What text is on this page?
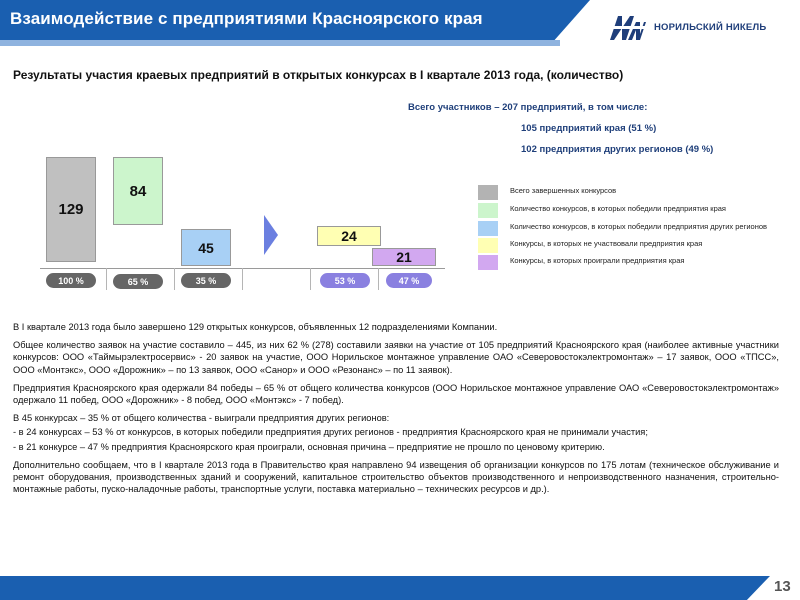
Взаимодействие с предприятиями Красноярского края	НОРИЛЬСКИЙ НИКЕЛЬ
Результаты участия краевых предприятий в открытых конкурсах в I квартале 2013 года, (количество)
Всего участников – 207 предприятий, в том числе:
105 предприятий края (51 %)
102 предприятия других регионов (49 %)
129
100 %
84
65 %
45
35 %
24
53 %
21
47 %
Всего завершенных конкурсов
Количество конкурсов, в которых победили предприятия края
Количество конкурсов, в которых победили предприятия других регионов
Конкурсы, в которых не участвовали предприятия края
Конкурсы, в которых проиграли предприятия края

В I квартале 2013 года было завершено 129 открытых конкурсов, объявленных 12 подразделениями Компании.

Общее количество заявок на участие составило – 445, из них 62 % (278) составили заявки на участие от 105 предприятий Красноярского края (наиболее активные участники конкурсов: ООО «Таймырэлектросервис» - 20 заявок на участие, ООО Норильское монтажное управление ОАО «Северовостокэлектромонтаж» – 17 заявок, ООО «ТПСС», ООО «Монтэкс», ООО «Дорожник» – по 13 заявок, ООО «Санор» и ООО «Резонанс» – по 11 заявок).

Предприятия Красноярского края одержали 84 победы – 65 % от общего количества конкурсов (ООО Норильское монтажное управление ОАО «Северовостокэлектромонтаж» одержало 11 побед, ООО «Дорожник» - 8 побед, ООО «Монтэкс» - 7 побед).

В 45 конкурсах – 35 % от общего количества - выиграли предприятия других регионов:

- в 24 конкурсах – 53 % от конкурсов, в которых победили предприятия других регионов - предприятия Красноярского края не принимали участия;

- в 21 конкурсе – 47 % предприятия Красноярского края проиграли, основная причина – предприятие не прошло по ценовому критерию.

Дополнительно сообщаем, что в I квартале 2013 года в Правительство края направлено 94 извещения об организации конкурсов по 175 лотам (техническое обслуживание и ремонт оборудования, производственных зданий и сооружений, капитальное строительство объектов производственного и непроизводственного назначения, строительно-монтажные работы, пуско-наладочные работы, транспортные услуги, поставка материально – технических ресурсов и др.).

13
